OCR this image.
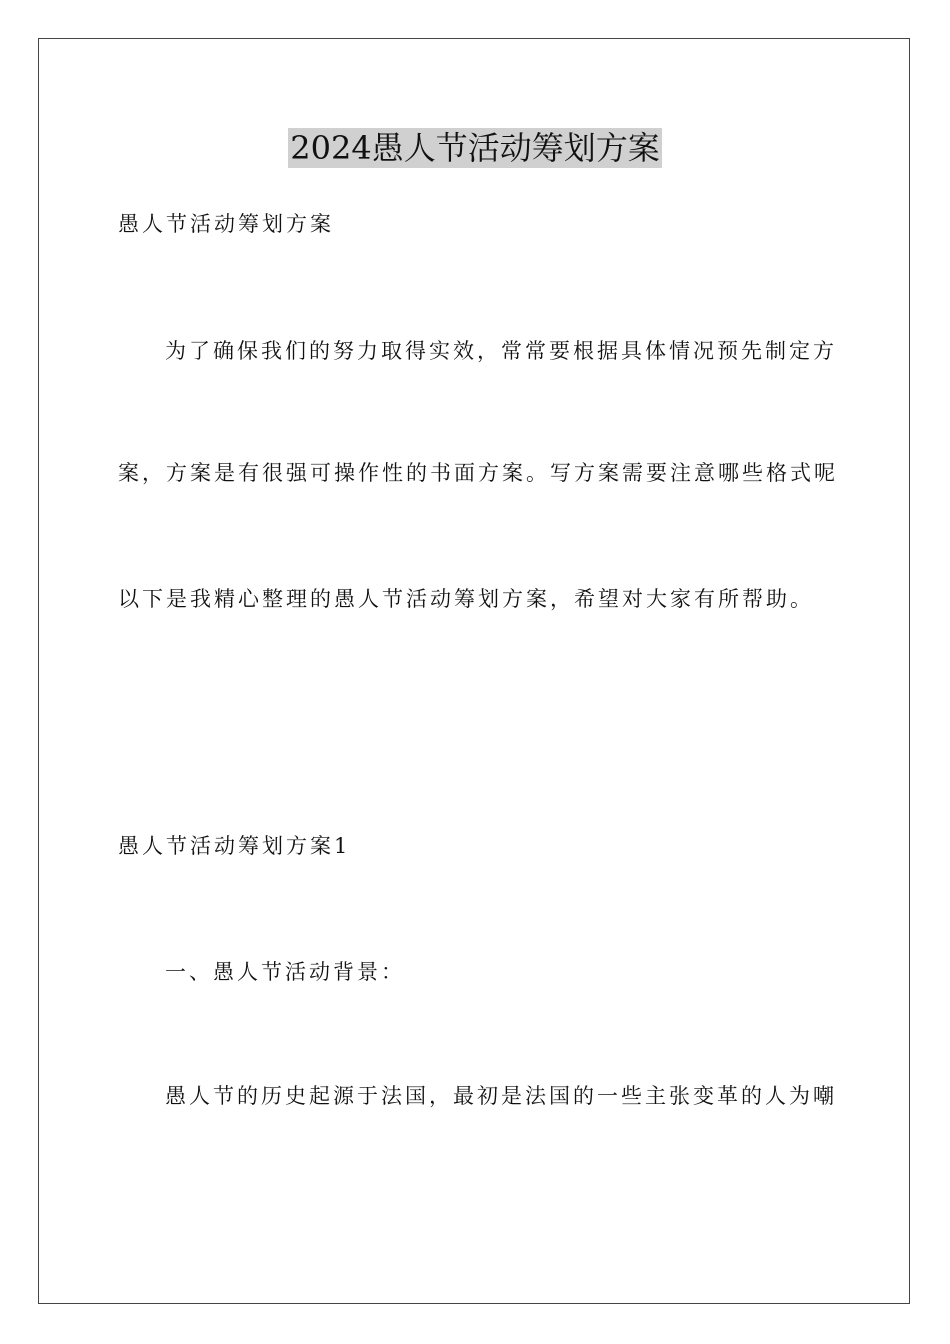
2024愚人节活动筹划方案
愚人节活动筹划方案
为了确保我们的努力取得实效，常常要根据具体情况预先制定方
案，方案是有很强可操作性的书面方案。写方案需要注意哪些格式呢
以下是我精心整理的愚人节活动筹划方案，希望对大家有所帮助。
愚人节活动筹划方案1
一、愚人节活动背景：
愚人节的历史起源于法国，最初是法国的一些主张变革的人为嘲
